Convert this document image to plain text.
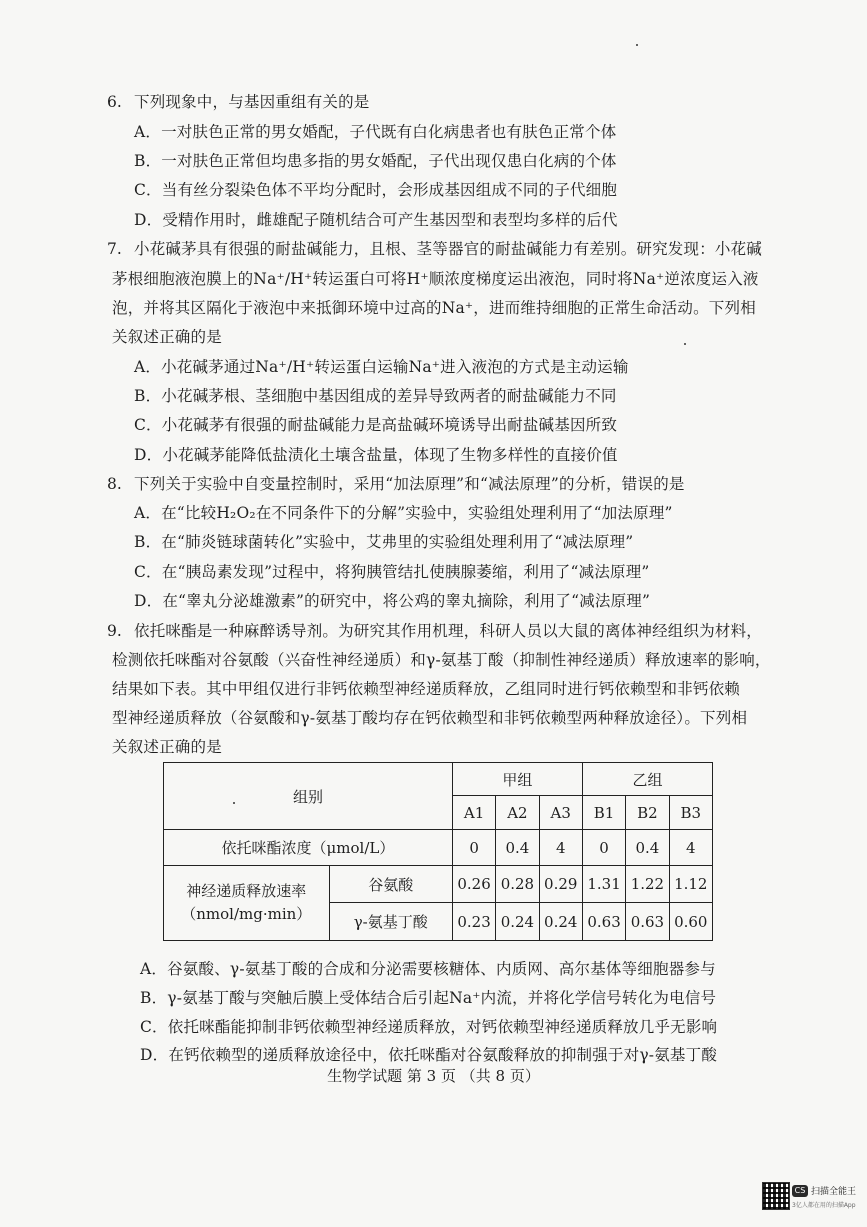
6. 下列现象中，与基因重组有关的是
A．一对肤色正常的男女婚配，子代既有白化病患者也有肤色正常个体
B．一对肤色正常但均患多指的男女婚配，子代出现仅患白化病的个体
C．当有丝分裂染色体不平均分配时，会形成基因组成不同的子代细胞
D．受精作用时，雌雄配子随机结合可产生基因型和表型均多样的后代
7. 小花碱茅具有很强的耐盐碱能力，且根、茎等器官的耐盐碱能力有差别。研究发现：小花碱
茅根细胞液泡膜上的Na⁺/H⁺转运蛋白可将H⁺顺浓度梯度运出液泡，同时将Na⁺逆浓度运入液
泡，并将其区隔化于液泡中来抵御环境中过高的Na⁺，进而维持细胞的正常生命活动。下列相
关叙述正确的是
A．小花碱茅通过Na⁺/H⁺转运蛋白运输Na⁺进入液泡的方式是主动运输
B．小花碱茅根、茎细胞中基因组成的差异导致两者的耐盐碱能力不同
C．小花碱茅有很强的耐盐碱能力是高盐碱环境诱导出耐盐碱基因所致
D．小花碱茅能降低盐渍化土壤含盐量，体现了生物多样性的直接价值
8. 下列关于实验中自变量控制时，采用“加法原理”和“减法原理”的分析，错误的是
A．在“比较H₂O₂在不同条件下的分解”实验中，实验组处理利用了“加法原理”
B．在“肺炎链球菌转化”实验中，艾弗里的实验组处理利用了“减法原理”
C．在“胰岛素发现”过程中，将狗胰管结扎使胰腺萎缩，利用了“减法原理”
D．在“睾丸分泌雄激素”的研究中，将公鸡的睾丸摘除，利用了“减法原理”
9. 依托咪酯是一种麻醉诱导剂。为研究其作用机理，科研人员以大鼠的离体神经组织为材料，
检测依托咪酯对谷氨酸（兴奋性神经递质）和γ-氨基丁酸（抑制性神经递质）释放速率的影响，
结果如下表。其中甲组仅进行非钙依赖型神经递质释放，乙组同时进行钙依赖型和非钙依赖
型神经递质释放（谷氨酸和γ-氨基丁酸均存在钙依赖型和非钙依赖型两种释放途径）。下列相
关叙述正确的是
组别		甲组			乙组		
		A1	A2	A3	B1	B2	B3
依托咪酯浓度（μmol/L）		0	0.4	4	0	0.4	4

神经递质释放速率
（nmol/mg·min）	谷氨酸	0.26	0.28	0.29	1.31	1.22	1.12
	γ-氨基丁酸	0.23	0.24	0.24	0.63	0.63	0.60
A．谷氨酸、γ-氨基丁酸的合成和分泌需要核糖体、内质网、高尔基体等细胞器参与
B．γ-氨基丁酸与突触后膜上受体结合后引起Na⁺内流，并将化学信号转化为电信号
C．依托咪酯能抑制非钙依赖型神经递质释放，对钙依赖型神经递质释放几乎无影响
D．在钙依赖型的递质释放途径中，依托咪酯对谷氨酸释放的抑制强于对γ-氨基丁酸
生物学试题 第 3 页 （共 8 页）
CS 扫描全能王
3亿人都在用的扫描App
